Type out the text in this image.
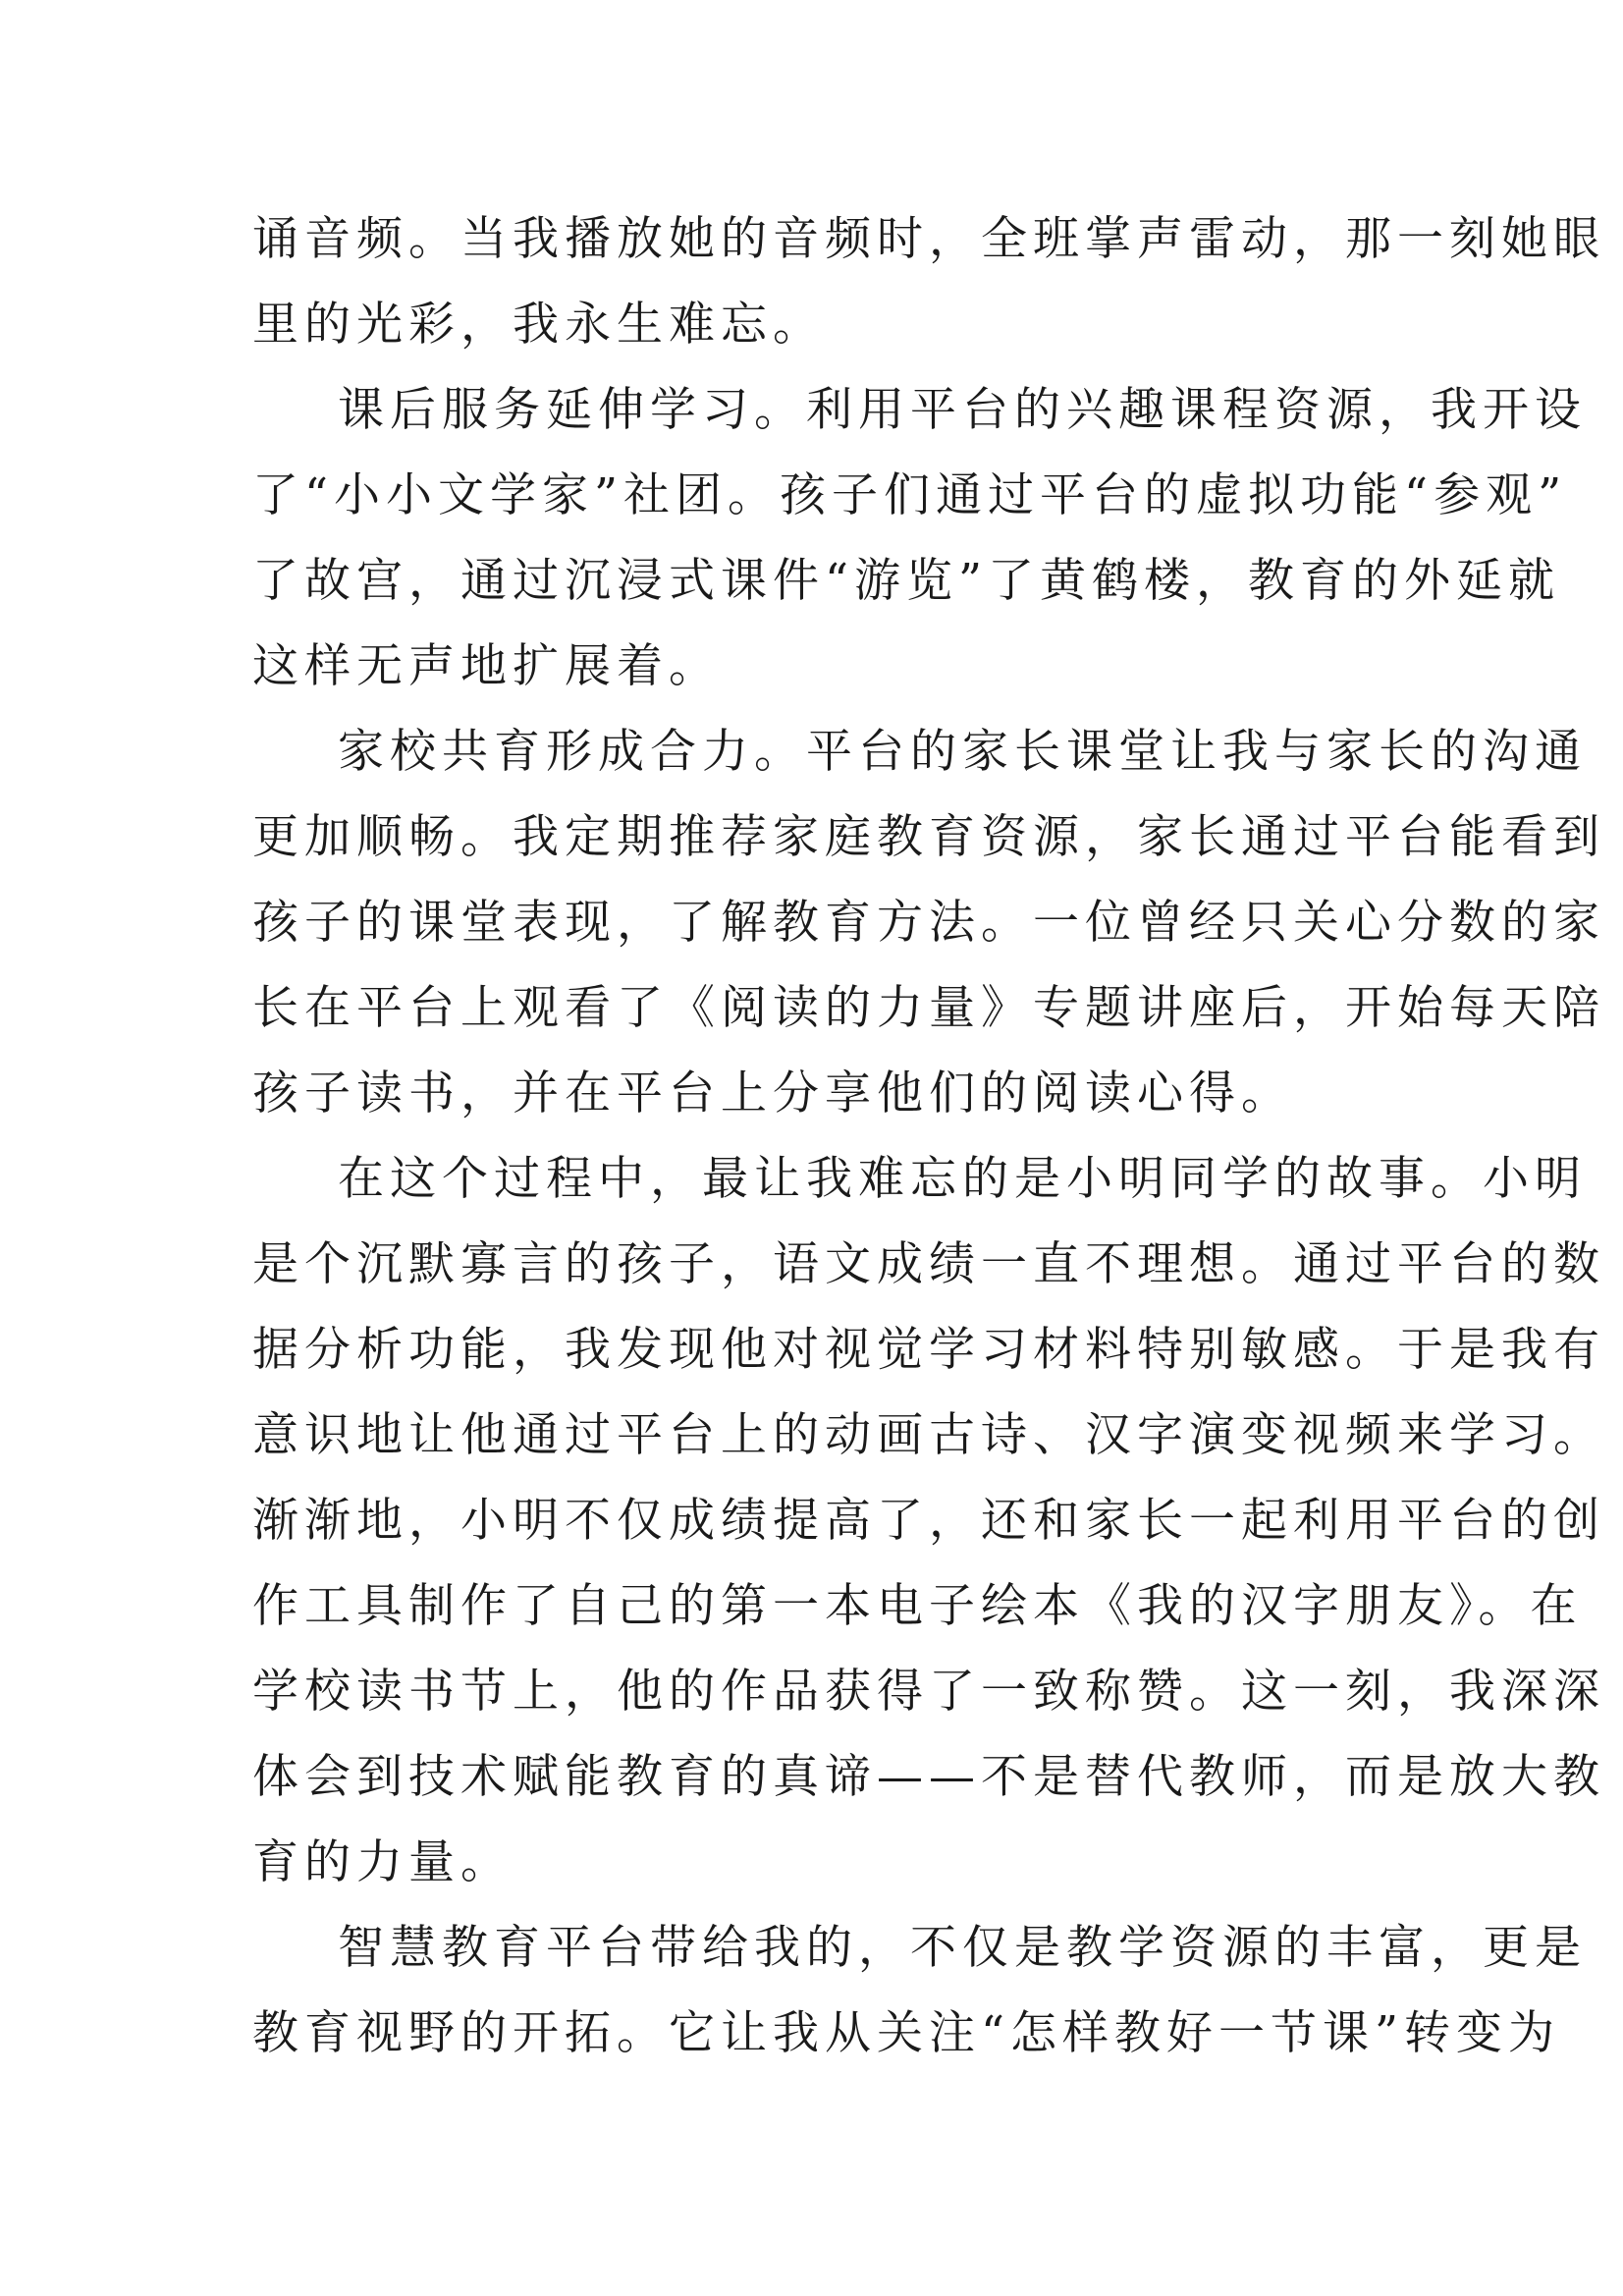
诵音频。当我播放她的音频时，全班掌声雷动，那一刻她眼
里的光彩，我永生难忘。
课后服务延伸学习。利用平台的兴趣课程资源，我开设
了“小小文学家”社团。孩子们通过平台的虚拟功能“参观”
了故宫，通过沉浸式课件“游览”了黄鹤楼，教育的外延就
这样无声地扩展着。
家校共育形成合力。平台的家长课堂让我与家长的沟通
更加顺畅。我定期推荐家庭教育资源，家长通过平台能看到
孩子的课堂表现，了解教育方法。一位曾经只关心分数的家
长在平台上观看了《阅读的力量》专题讲座后，开始每天陪
孩子读书，并在平台上分享他们的阅读心得。
在这个过程中，最让我难忘的是小明同学的故事。小明
是个沉默寡言的孩子，语文成绩一直不理想。通过平台的数
据分析功能，我发现他对视觉学习材料特别敏感。于是我有
意识地让他通过平台上的动画古诗、汉字演变视频来学习。
渐渐地，小明不仅成绩提高了，还和家长一起利用平台的创
作工具制作了自己的第一本电子绘本《我的汉字朋友》。在
学校读书节上，他的作品获得了一致称赞。这一刻，我深深
体会到技术赋能教育的真谛——不是替代教师，而是放大教
育的力量。
智慧教育平台带给我的，不仅是教学资源的丰富，更是
教育视野的开拓。它让我从关注“怎样教好一节课”转变为
